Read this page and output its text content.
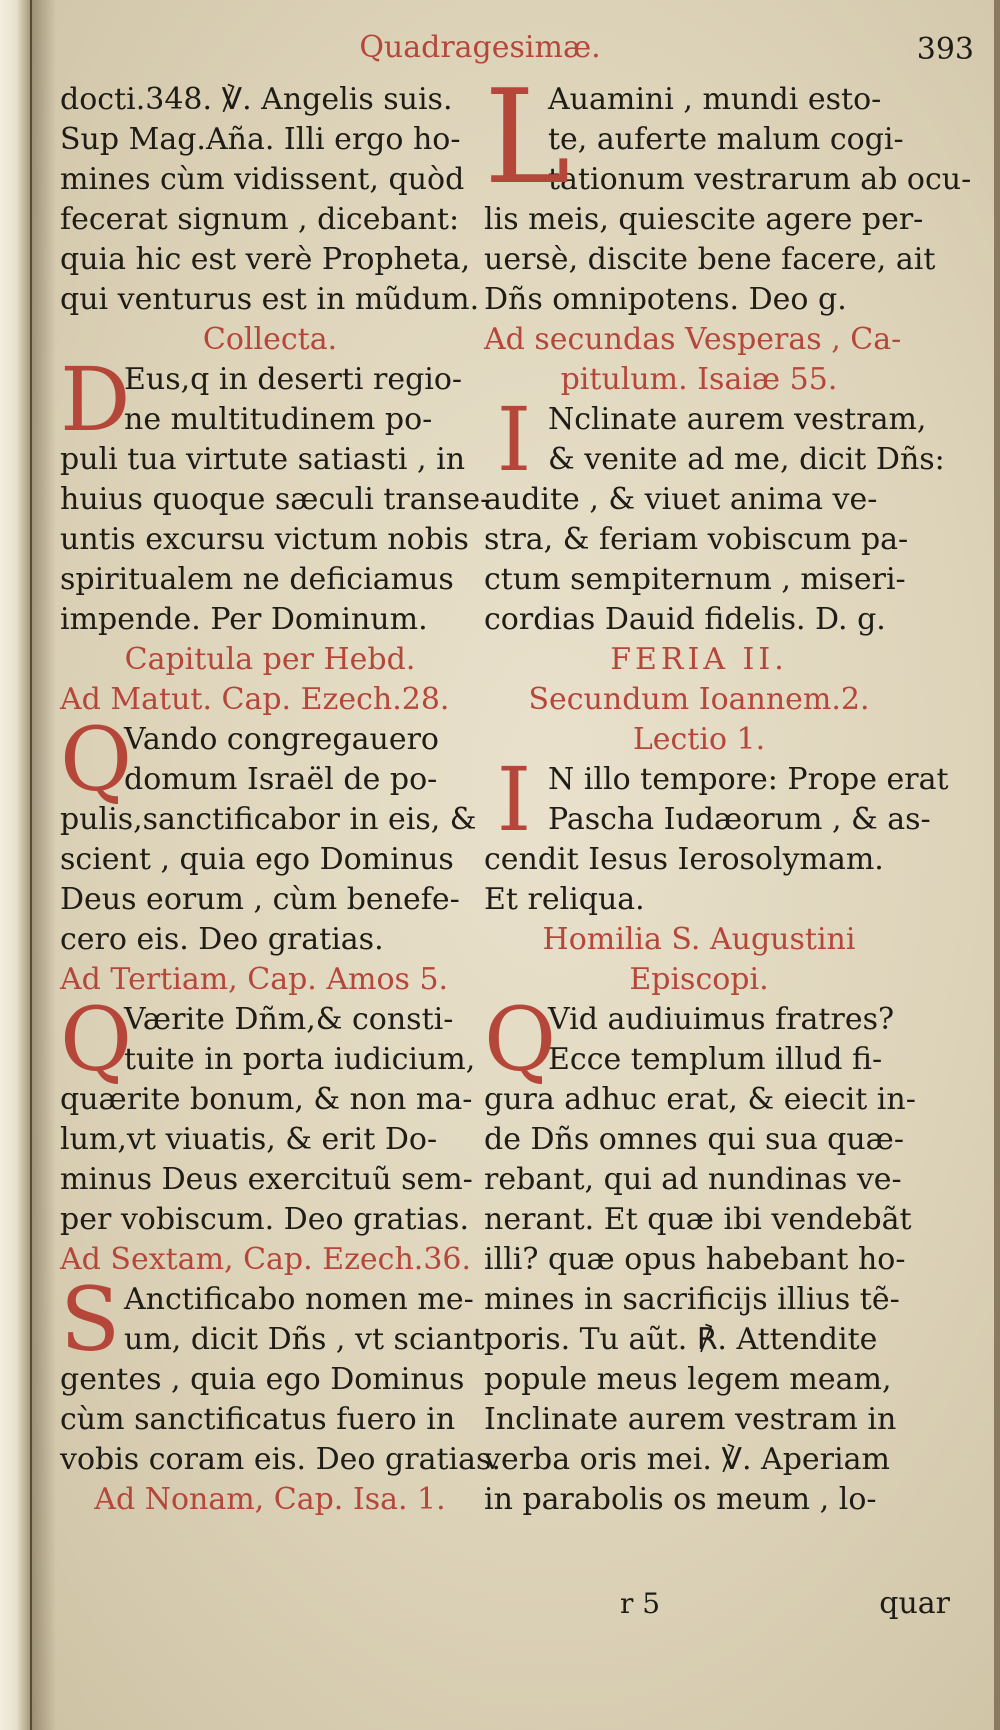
Quadragesimæ.	393
docti.348. ℣. Angelis suis.
Sup Mag.Aña. Illi ergo ho-
mines cùm vidissent, quòd
fecerat signum , dicebant:
quia hic est verè Propheta,
qui venturus est in mũdum.
Collecta.
D
Eus,q in deserti regio-
ne multitudinem po-
puli tua virtute satiasti , in
huius quoque sæculi transe-
untis excursu victum nobis
spiritualem ne deficiamus
impende. Per Dominum.
Capitula per Hebd.
Ad Matut. Cap. Ezech.28.
Q
Vando congregauero
domum Israël de po-
pulis,sanctificabor in eis, &
scient , quia ego Dominus
Deus eorum , cùm benefe-
cero eis. Deo gratias.
Ad Tertiam, Cap. Amos 5.
Q
Værite Dñm,& consti-
tuite in porta iudicium,
quærite bonum, & non ma-
lum,vt viuatis, & erit Do-
minus Deus exercituũ sem-
per vobiscum. Deo gratias.
Ad Sextam, Cap. Ezech.36.
S Anctificabo nomen me-
um, dicit Dñs , vt sciant
gentes , quia ego Dominus
cùm sanctificatus fuero in
vobis coram eis. Deo gratias.
Ad Nonam, Cap. Isa. 1.
L
Auamini , mundi esto-
te, auferte malum cogi-
tationum vestrarum ab ocu-
lis meis, quiescite agere per-
uersè, discite bene facere, ait
Dñs omnipotens. Deo g.
Ad secundas Vesperas , Ca-
pitulum. Isaiæ 55.
I Nclinate aurem vestram,
& venite ad me, dicit Dñs:
audite , & viuet anima ve-
stra, & feriam vobiscum pa-
ctum sempiternum , miseri-
cordias Dauid fidelis. D. g.
FERIA II.
Secundum Ioannem.2.
Lectio 1.
I N illo tempore: Prope erat
Pascha Iudæorum , & as-
cendit Iesus Ierosolymam.
Et reliqua.
Homilia S. Augustini
Episcopi.
Q
Vid audiuimus fratres?
Ecce templum illud fi-
gura adhuc erat, & eiecit in-
de Dñs omnes qui sua quæ-
rebant, qui ad nundinas ve-
nerant. Et quæ ibi vendebãt
illi? quæ opus habebant ho-
mines in sacrificijs illius tẽ-
poris. Tu aũt. ℟. Attendite
popule meus legem meam,
Inclinate aurem vestram in
verba oris mei. ℣. Aperiam
in parabolis os meum , lo-
r 5	quar
